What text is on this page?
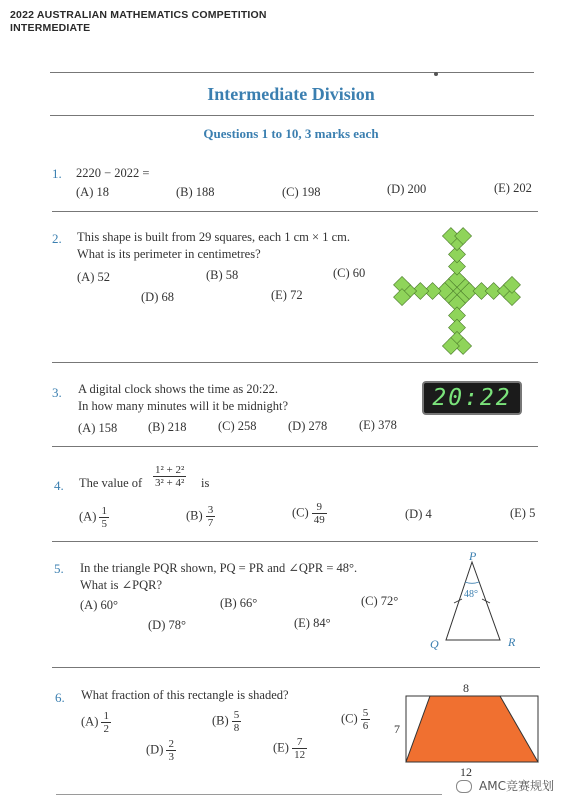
2022 AUSTRALIAN MATHEMATICS COMPETITION
INTERMEDIATE
Intermediate Division
Questions 1 to 10, 3 marks each
1. 2220 − 2022 =
(A) 18	(B) 188	(C) 198	(D) 200	(E) 202
2. This shape is built from 29 squares, each 1 cm × 1 cm.
What is its perimeter in centimetres?
(A) 52	(B) 58	(C) 60
(D) 68	(E) 72
3. A digital clock shows the time as 20:22.
In how many minutes will it be midnight?
(A) 158 (B) 218	(C) 258	(D) 278	(E) 378
20:22
4. The value of $\frac{\text{1² + 2²}}{\text{3² + 4²}}$ is
$(A) \frac{1}{5}$	$(B) \frac{3}{7}$	$(C) \frac{9}{49}$	(D) 4	(E) 5
5. In the triangle PQR shown, PQ = PR and ∠QPR = 48°.
What is ∠PQR?
(A) 60°	(B) 66°	(C) 72°
(D) 78°	(E) 84°
P
Q	R
48°
6. What fraction of this rectangle is shaded?
$(A) \frac{1}{2}$	$(B) \frac{5}{8}$	$(C) \frac{5}{6}$
$(D) \frac{2}{3}$	$(E) \frac{7}{12}$
8
7
12
AMC竞赛规划
